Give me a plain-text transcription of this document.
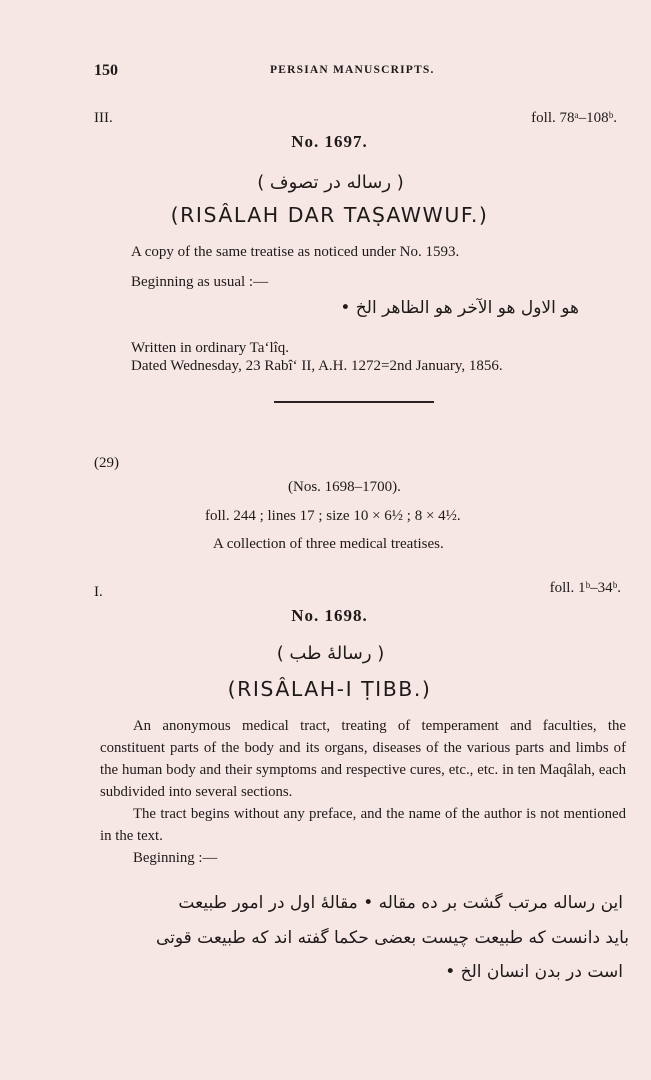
150	PERSIAN MANUSCRIPTS.
III.	foll. 78ᵃ–108ᵇ.
No. 1697.
( رساله در تصوف )
(RISÂLAH DAR TAṢAWWUF.)
A copy of the same treatise as noticed under No. 1593.
Beginning as usual :—
هو الاول هو الآخر هو الظاهر الخ •
Written in ordinary Ta‘lîq.
Dated Wednesday, 23 Rabî‘ II, A.H. 1272=2nd January, 1856.
(29)
(Nos. 1698–1700).
foll. 244 ; lines 17 ; size 10 × 6½ ; 8 × 4½.
A collection of three medical treatises.
I.	foll. 1ᵇ–34ᵇ.
No. 1698.
( رسالهٔ طب )
(RISÂLAH-I ṬIBB.)

An anonymous medical tract, treating of temperament and faculties, the constituent parts of the body and its organs, diseases of the various parts and limbs of the human body and their symptoms and respective cures, etc., etc. in ten Maqâlah, each subdivided into several sections.

The tract begins without any preface, and the name of the author is not mentioned in the text.

Beginning :—

این رساله مرتب گشت بر ده مقاله • مقالهٔ اول در امور طبیعت
باید دانست که طبیعت چیست بعضی حکما گفته اند که طبیعت قوتی
است در بدن انسان الخ •
